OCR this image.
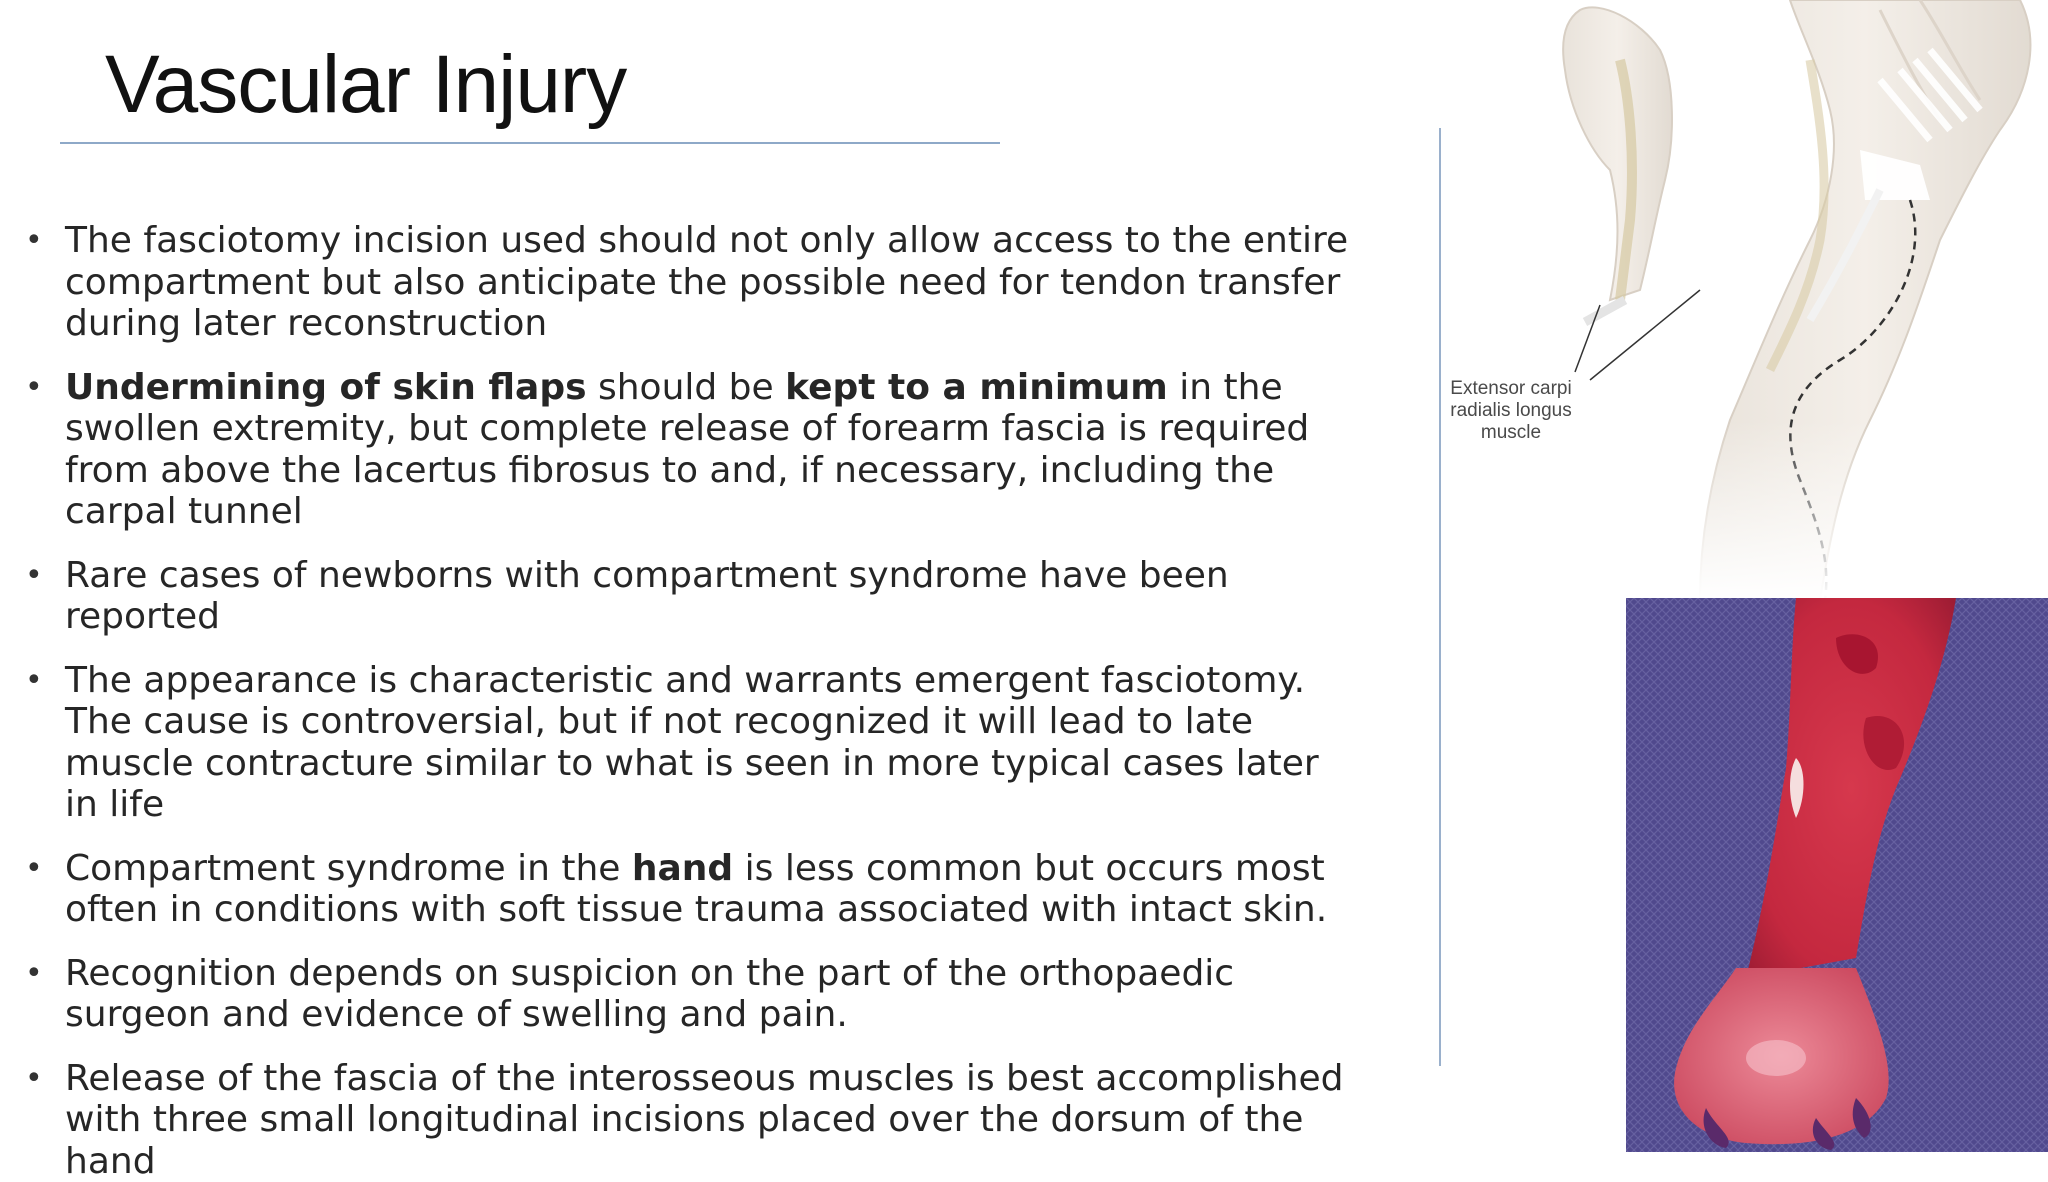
Vascular Injury
• The fasciotomy incision used should not only allow access to the entire compartment but also anticipate the possible need for tendon transfer during later reconstruction
• Undermining of skin flaps should be kept to a minimum in the swollen extremity, but complete release of forearm fascia is required from above the lacertus fibrosus to and, if necessary, including the carpal tunnel
• Rare cases of newborns with compartment syndrome have been reported
• The appearance is characteristic and warrants emergent fasciotomy. The cause is controversial, but if not recognized it will lead to late muscle contracture similar to what is seen in more typical cases later in life
• Compartment syndrome in the hand is less common but occurs most often in conditions with soft tissue trauma associated with intact skin.
• Recognition depends on suspicion on the part of the orthopaedic surgeon and evidence of swelling and pain.
• Release of the fascia of the interosseous muscles is best accomplished with three small longitudinal incisions placed over the dorsum of the hand
Extensor carpi
radialis longus
muscle
